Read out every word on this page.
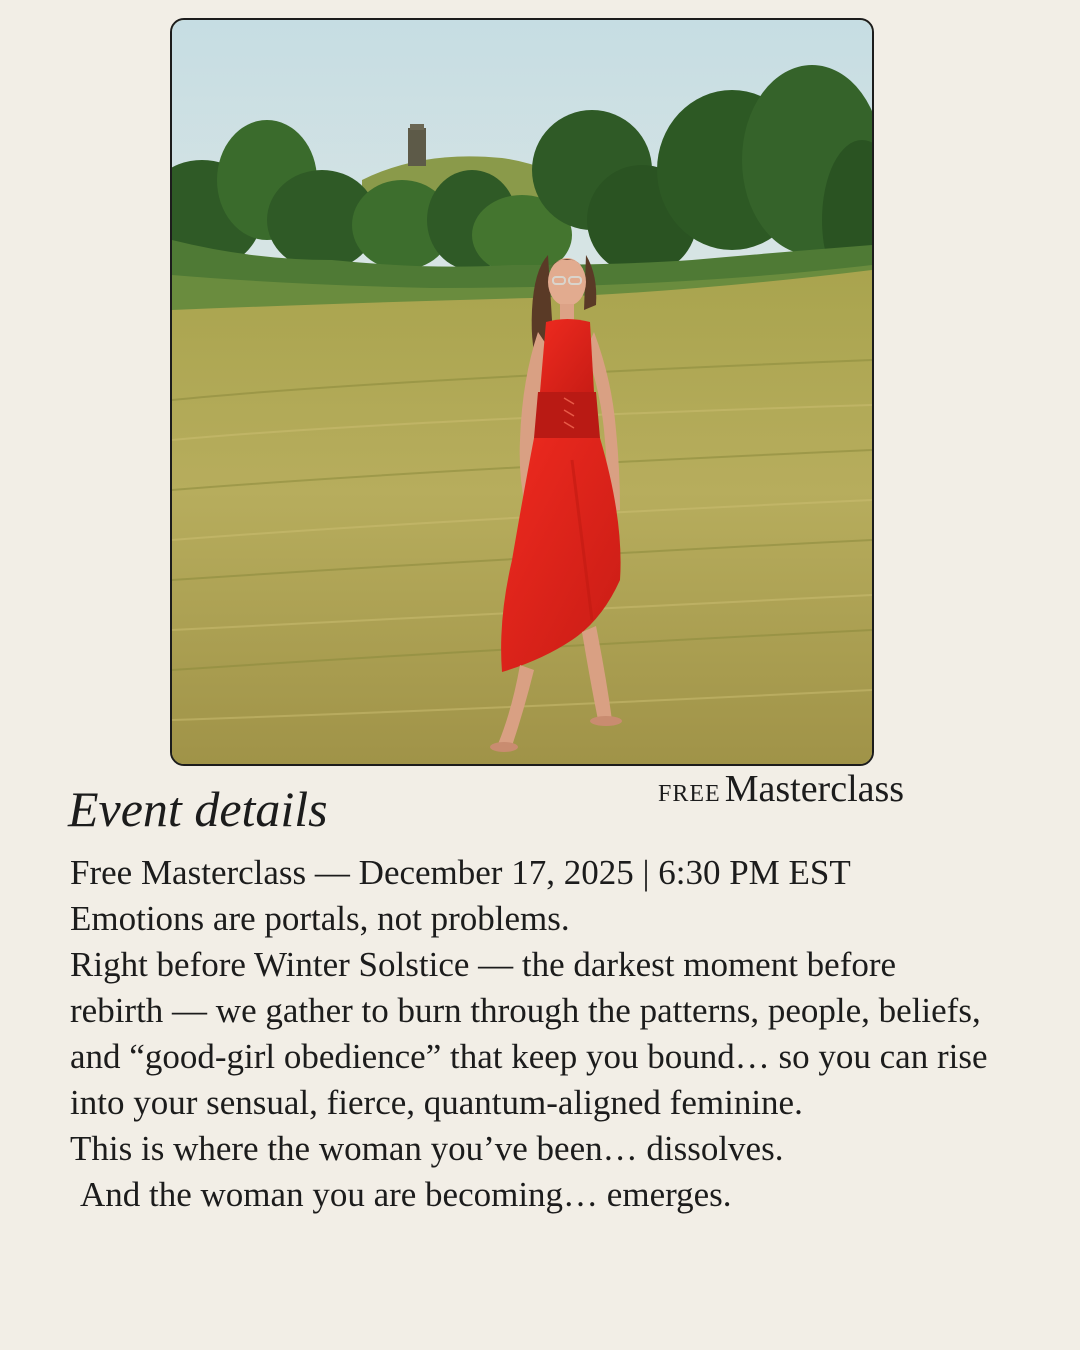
FREE Masterclass
Event details

Free Masterclass — December 17, 2025 | 6:30 PM EST

Emotions are portals, not problems.

Right before Winter Solstice — the darkest moment before rebirth — we gather to burn through the patterns, people, beliefs, and “good-girl obedience” that keep you bound… so you can rise into your sensual, fierce, quantum-aligned feminine.

This is where the woman you’ve been… dissolves.

And the woman you are becoming… emerges.
